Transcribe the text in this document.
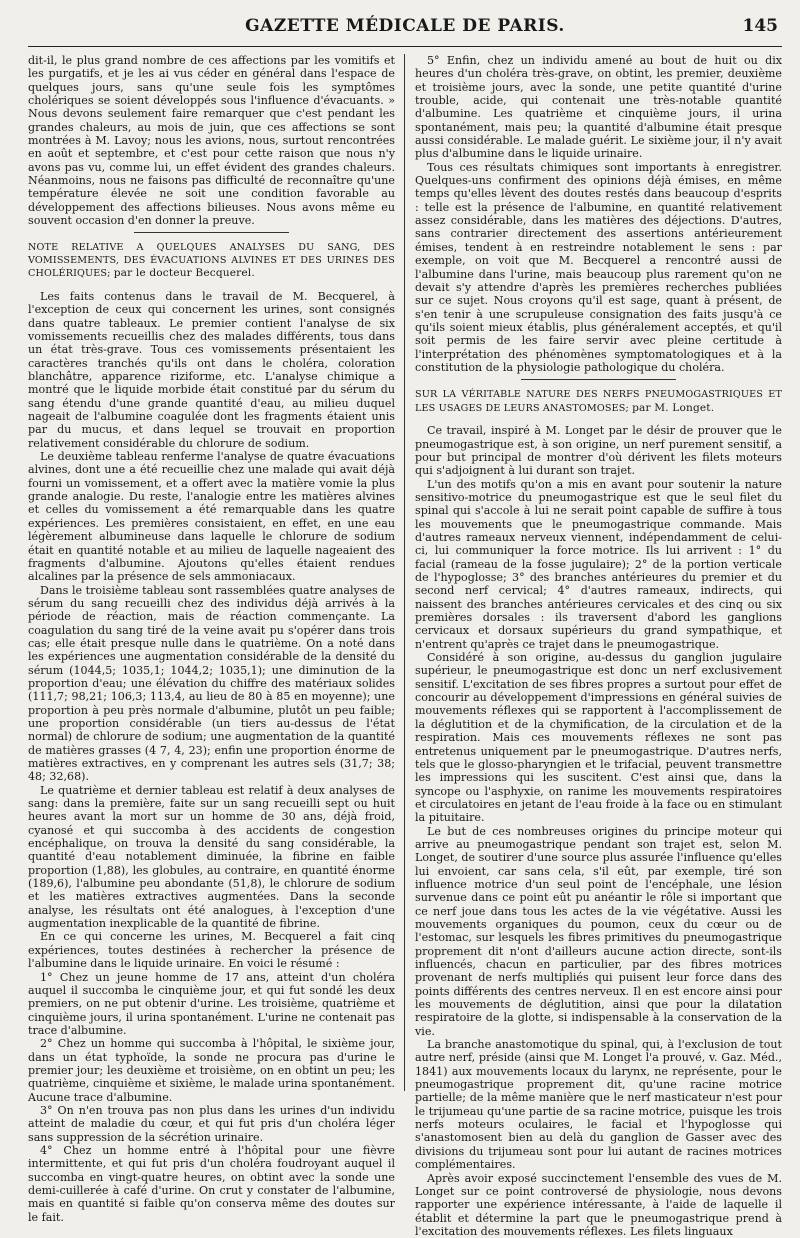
GAZETTE MÉDICALE DE PARIS.	145

dit-il, le plus grand nombre de ces affections par les vomitifs et les purgatifs, et je les ai vus céder en général dans l'espace de quelques jours, sans qu'une seule fois les symptômes cholériques se soient développés sous l'influence d'évacuants. » Nous devons seulement faire remarquer que c'est pendant les grandes chaleurs, au mois de juin, que ces affections se sont montrées à M. Lavoy; nous les avions, nous, surtout rencontrées en août et septembre, et c'est pour cette raison que nous n'y avons pas vu, comme lui, un effet évident des grandes chaleurs. Néanmoins, nous ne faisons pas difficulté de reconnaître qu'une température élevée ne soit une condition favorable au développement des affections bilieuses. Nous avons même eu souvent occasion d'en donner la preuve.

NOTE RELATIVE A QUELQUES ANALYSES DU SANG, DES VOMISSEMENTS, DES ÉVACUATIONS ALVINES ET DES URINES DES CHOLÉRIQUES; par le docteur Becquerel.

Les faits contenus dans le travail de M. Becquerel, à l'exception de ceux qui concernent les urines, sont consignés dans quatre tableaux. Le premier contient l'analyse de six vomissements recueillis chez des malades différents, tous dans un état très-grave. Tous ces vomissements présentaient les caractères tranchés qu'ils ont dans le choléra, coloration blanchâtre, apparence riziforme, etc. L'analyse chimique a montré que le liquide morbide était constitué par du sérum du sang étendu d'une grande quantité d'eau, au milieu duquel nageait de l'albumine coagulée dont les fragments étaient unis par du mucus, et dans lequel se trouvait en proportion relativement considérable du chlorure de sodium.

Le deuxième tableau renferme l'analyse de quatre évacuations alvines, dont une a été recueillie chez une malade qui avait déjà fourni un vomissement, et a offert avec la matière vomie la plus grande analogie. Du reste, l'analogie entre les matières alvines et celles du vomissement a été remarquable dans les quatre expériences. Les premières consistaient, en effet, en une eau légèrement albumineuse dans laquelle le chlorure de sodium était en quantité notable et au milieu de laquelle nageaient des fragments d'albumine. Ajoutons qu'elles étaient rendues alcalines par la présence de sels ammoniacaux.

Dans le troisième tableau sont rassemblées quatre analyses de sérum du sang recueilli chez des individus déjà arrivés à la période de réaction, mais de réaction commençante. La coagulation du sang tiré de la veine avait pu s'opérer dans trois cas; elle était presque nulle dans le quatrième. On a noté dans les expériences une augmentation considérable de la densité du sérum (1044,5; 1035,1; 1044,2; 1035,1); une diminution de la proportion d'eau; une élévation du chiffre des matériaux solides (111,7; 98,21; 106,3; 113,4, au lieu de 80 à 85 en moyenne); une proportion à peu près normale d'albumine, plutôt un peu faible; une proportion considérable (un tiers au-dessus de l'état normal) de chlorure de sodium; une augmentation de la quantité de matières grasses (4 7, 4, 23); enfin une proportion énorme de matières extractives, en y comprenant les autres sels (31,7; 38; 48; 32,68).

Le quatrième et dernier tableau est relatif à deux analyses de sang: dans la première, faite sur un sang recueilli sept ou huit heures avant la mort sur un homme de 30 ans, déjà froid, cyanosé et qui succomba à des accidents de congestion encéphalique, on trouva la densité du sang considérable, la quantité d'eau notablement diminuée, la fibrine en faible proportion (1,88), les globules, au contraire, en quantité énorme (189,6), l'albumine peu abondante (51,8), le chlorure de sodium et les matières extractives augmentées. Dans la seconde analyse, les résultats ont été analogues, à l'exception d'une augmentation inexplicable de la quantité de fibrine.

En ce qui concerne les urines, M. Becquerel a fait cinq expériences, toutes destinées à rechercher la présence de l'albumine dans le liquide urinaire. En voici le résumé :

1° Chez un jeune homme de 17 ans, atteint d'un choléra auquel il succomba le cinquième jour, et qui fut sondé les deux premiers, on ne put obtenir d'urine. Les troisième, quatrième et cinquième jours, il urina spontanément. L'urine ne contenait pas trace d'albumine.

2° Chez un homme qui succomba à l'hôpital, le sixième jour, dans un état typhoïde, la sonde ne procura pas d'urine le premier jour; les deuxième et troisième, on en obtint un peu; les quatrième, cinquième et sixième, le malade urina spontanément. Aucune trace d'albumine.

3° On n'en trouva pas non plus dans les urines d'un individu atteint de maladie du cœur, et qui fut pris d'un choléra léger sans suppression de la sécrétion urinaire.

4° Chez un homme entré à l'hôpital pour une fièvre intermittente, et qui fut pris d'un choléra foudroyant auquel il succomba en vingt-quatre heures, on obtint avec la sonde une demi-cuillerée à café d'urine. On crut y constater de l'albumine, mais en quantité si faible qu'on conserva même des doutes sur le fait.

5° Enfin, chez un individu amené au bout de huit ou dix heures d'un choléra très-grave, on obtint, les premier, deuxième et troisième jours, avec la sonde, une petite quantité d'urine trouble, acide, qui contenait une très-notable quantité d'albumine. Les quatrième et cinquième jours, il urina spontanément, mais peu; la quantité d'albumine était presque aussi considérable. Le malade guérit. Le sixième jour, il n'y avait plus d'albumine dans le liquide urinaire.

Tous ces résultats chimiques sont importants à enregistrer. Quelques-uns confirment des opinions déjà émises, en même temps qu'elles lèvent des doutes restés dans beaucoup d'esprits : telle est la présence de l'albumine, en quantité relativement assez considérable, dans les matières des déjections. D'autres, sans contrarier directement des assertions antérieurement émises, tendent à en restreindre notablement le sens : par exemple, on voit que M. Becquerel a rencontré aussi de l'albumine dans l'urine, mais beaucoup plus rarement qu'on ne devait s'y attendre d'après les premières recherches publiées sur ce sujet. Nous croyons qu'il est sage, quant à présent, de s'en tenir à une scrupuleuse consignation des faits jusqu'à ce qu'ils soient mieux établis, plus généralement acceptés, et qu'il soit permis de les faire servir avec pleine certitude à l'interprétation des phénomènes symptomatologiques et à la constitution de la physiologie pathologique du choléra.

SUR LA VÉRITABLE NATURE DES NERFS PNEUMOGASTRIQUES ET LES USAGES DE LEURS ANASTOMOSES; par M. Longet.

Ce travail, inspiré à M. Longet par le désir de prouver que le pneumogastrique est, à son origine, un nerf purement sensitif, a pour but principal de montrer d'où dérivent les filets moteurs qui s'adjoignent à lui durant son trajet.

L'un des motifs qu'on a mis en avant pour soutenir la nature sensitivo-motrice du pneumogastrique est que le seul filet du spinal qui s'accole à lui ne serait point capable de suffire à tous les mouvements que le pneumogastrique commande. Mais d'autres rameaux nerveux viennent, indépendamment de celui-ci, lui communiquer la force motrice. Ils lui arrivent : 1° du facial (rameau de la fosse jugulaire); 2° de la portion verticale de l'hypoglosse; 3° des branches antérieures du premier et du second nerf cervical; 4° d'autres rameaux, indirects, qui naissent des branches antérieures cervicales et des cinq ou six premières dorsales : ils traversent d'abord les ganglions cervicaux et dorsaux supérieurs du grand sympathique, et n'entrent qu'après ce trajet dans le pneumogastrique.

Considéré à son origine, au-dessus du ganglion jugulaire supérieur, le pneumogastrique est donc un nerf exclusivement sensitif. L'excitation de ses fibres propres a surtout pour effet de concourir au développement d'impressions en général suivies de mouvements réflexes qui se rapportent à l'accomplissement de la déglutition et de la chymification, de la circulation et de la respiration. Mais ces mouvements réflexes ne sont pas entretenus uniquement par le pneumogastrique. D'autres nerfs, tels que le glosso-pharyngien et le trifacial, peuvent transmettre les impressions qui les suscitent. C'est ainsi que, dans la syncope ou l'asphyxie, on ranime les mouvements respiratoires et circulatoires en jetant de l'eau froide à la face ou en stimulant la pituitaire.

Le but de ces nombreuses origines du principe moteur qui arrive au pneumogastrique pendant son trajet est, selon M. Longet, de soutirer d'une source plus assurée l'influence qu'elles lui envoient, car sans cela, s'il eût, par exemple, tiré son influence motrice d'un seul point de l'encéphale, une lésion survenue dans ce point eût pu anéantir le rôle si important que ce nerf joue dans tous les actes de la vie végétative. Aussi les mouvements organiques du poumon, ceux du cœur ou de l'estomac, sur lesquels les fibres primitives du pneumogastrique proprement dit n'ont d'ailleurs aucune action directe, sont-ils influencés, chacun en particulier, par des fibres motrices provenant de nerfs multipliés qui puisent leur force dans des points différents des centres nerveux. Il en est encore ainsi pour les mouvements de déglutition, ainsi que pour la dilatation respiratoire de la glotte, si indispensable à la conservation de la vie.

La branche anastomotique du spinal, qui, à l'exclusion de tout autre nerf, préside (ainsi que M. Longet l'a prouvé, v. Gaz. Méd., 1841) aux mouvements locaux du larynx, ne représente, pour le pneumogastrique proprement dit, qu'une racine motrice partielle; de la même manière que le nerf masticateur n'est pour le trijumeau qu'une partie de sa racine motrice, puisque les trois nerfs moteurs oculaires, le facial et l'hypoglosse qui s'anastomosent bien au delà du ganglion de Gasser avec des divisions du trijumeau sont pour lui autant de racines motrices complémentaires.

Après avoir exposé succinctement l'ensemble des vues de M. Longet sur ce point controversé de physiologie, nous devons rapporter une expérience intéressante, à l'aide de laquelle il établit et détermine la part que le pneumogastrique prend à l'excitation des mouvements réflexes. Les filets linguaux
